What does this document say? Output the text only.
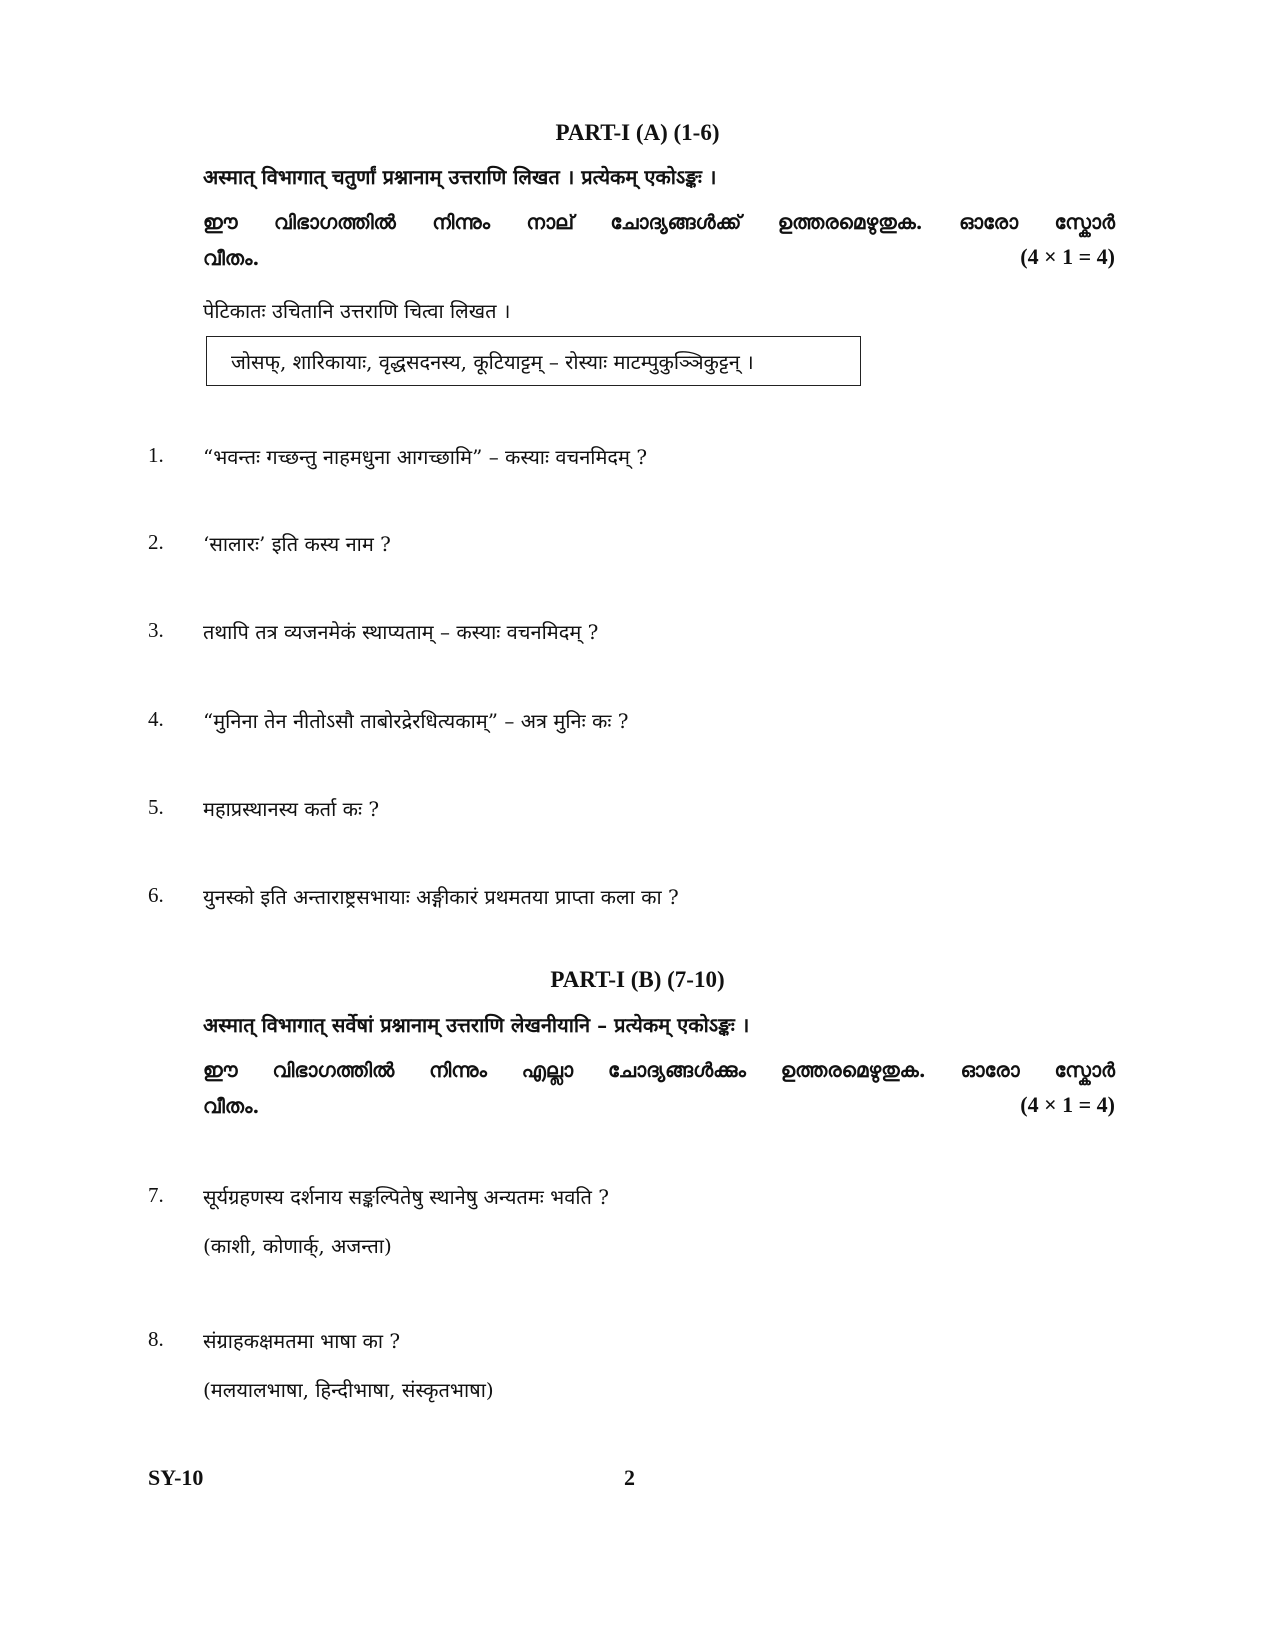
PART-I (A) (1-6)
अस्मात् विभागात् चतुर्णां प्रश्नानाम् उत्तराणि लिखत । प्रत्येकम् एकोऽङ्कः ।
ഈ വിഭാഗത്തിൽ നിന്നും നാല് ചോദ്യങ്ങൾക്ക് ഉത്തരമെഴുതുക. ഓരോ സ്കോർ
വീതം.	(4 × 1 = 4)
पेटिकातः उचितानि उत्तराणि चित्वा लिखत ।
जोसफ्, शारिकायाः, वृद्धसदनस्य, कूटियाट्टम् – रोस्याः माटम्पुकुञ्ञिकुट्टन् ।
1. “भवन्तः गच्छन्तु नाहमधुना आगच्छामि” – कस्याः वचनमिदम् ?
2. ‘सालारः’ इति कस्य नाम ?
3. तथापि तत्र व्यजनमेकं स्थाप्यताम् – कस्याः वचनमिदम् ?
4. “मुनिना तेन नीतोऽसौ ताबोरद्रेरधित्यकाम्” – अत्र मुनिः कः ?
5. महाप्रस्थानस्य कर्ता कः ?
6. युनस्को इति अन्ताराष्ट्रसभायाः अङ्गीकारं प्रथमतया प्राप्ता कला का ?
PART-I (B) (7-10)
अस्मात् विभागात् सर्वेषां प्रश्नानाम् उत्तराणि लेखनीयानि – प्रत्येकम् एकोऽङ्कः ।
ഈ വിഭാഗത്തിൽ നിന്നും എല്ലാ ചോദ്യങ്ങൾക്കും ഉത്തരമെഴുതുക. ഓരോ സ്കോർ
വീതം.	(4 × 1 = 4)
7. सूर्यग्रहणस्य दर्शनाय सङ्कल्पितेषु स्थानेषु अन्यतमः भवति ?
(काशी, कोणार्क्, अजन्ता)
8. संग्राहकक्षमतमा भाषा का ?
(मलयालभाषा, हिन्दीभाषा, संस्कृतभाषा)
SY-10	2
